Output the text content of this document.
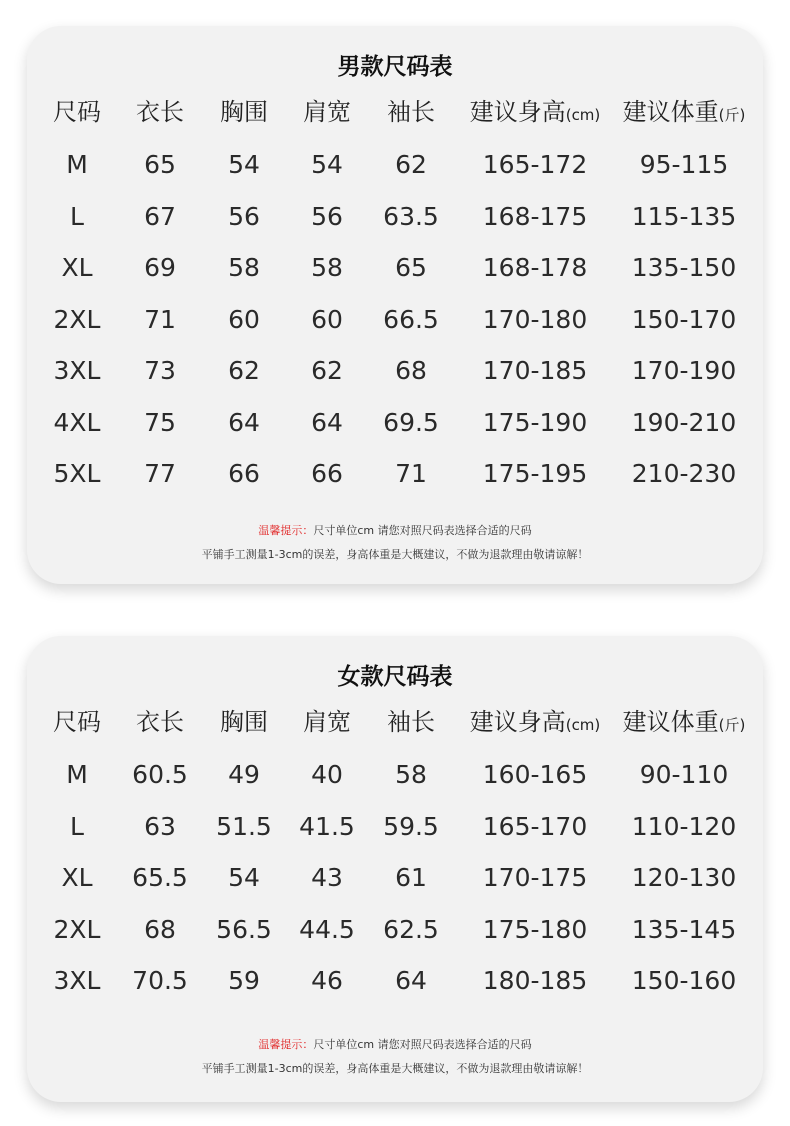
男款尺码表
尺码 衣长 胸围 肩宽 袖长 建议身高(cm) 建议体重(斤)
M 65 54 54 62 165-172 95-115
L 67 56 56 63.5 168-175 115-135
XL 69 58 58 65 168-178 135-150
2XL 71 60 60 66.5 170-180 150-170
3XL 73 62 62 68 170-185 170-190
4XL 75 64 64 69.5 175-190 190-210
5XL 77 66 66 71 175-195 210-230
温馨提示：尺寸单位cm 请您对照尺码表选择合适的尺码
平铺手工测量1-3cm的误差，身高体重是大概建议，不做为退款理由敬请谅解！
女款尺码表
尺码 衣长 胸围 肩宽 袖长 建议身高(cm) 建议体重(斤)
M 60.5 49 40 58 160-165 90-110
L 63 51.5 41.5 59.5 165-170 110-120
XL 65.5 54 43 61 170-175 120-130
2XL 68 56.5 44.5 62.5 175-180 135-145
3XL 70.5 59 46 64 180-185 150-160
温馨提示：尺寸单位cm 请您对照尺码表选择合适的尺码
平铺手工测量1-3cm的误差，身高体重是大概建议，不做为退款理由敬请谅解！
